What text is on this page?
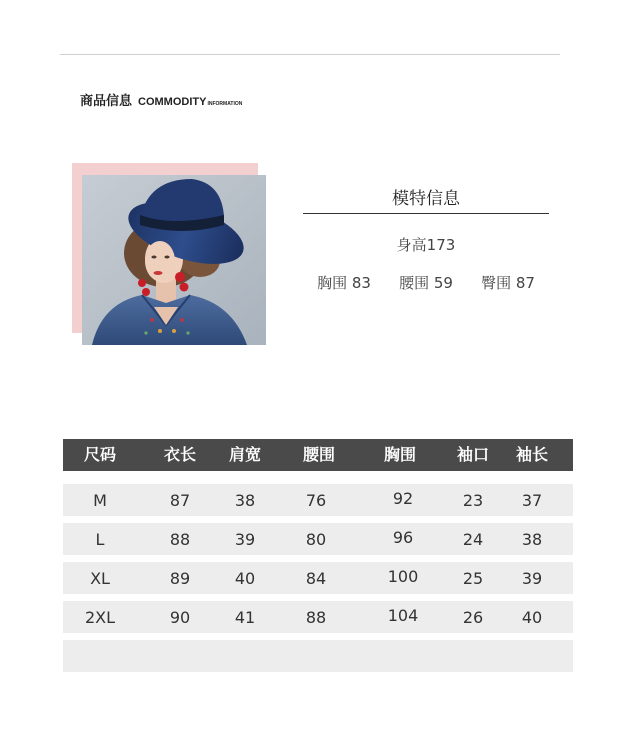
商品信息 COMMODITY INFORMATION
模特信息
身高173
胸围 83 腰围 59 臀围 87
尺码	衣长 肩宽	腰围	胸围	袖口 袖长
M	87	38	76	92	23 37
L	88	39	80	96	24 38
XL	89	40	84	100	25 39
2XL	90	41	88	104	26 40
